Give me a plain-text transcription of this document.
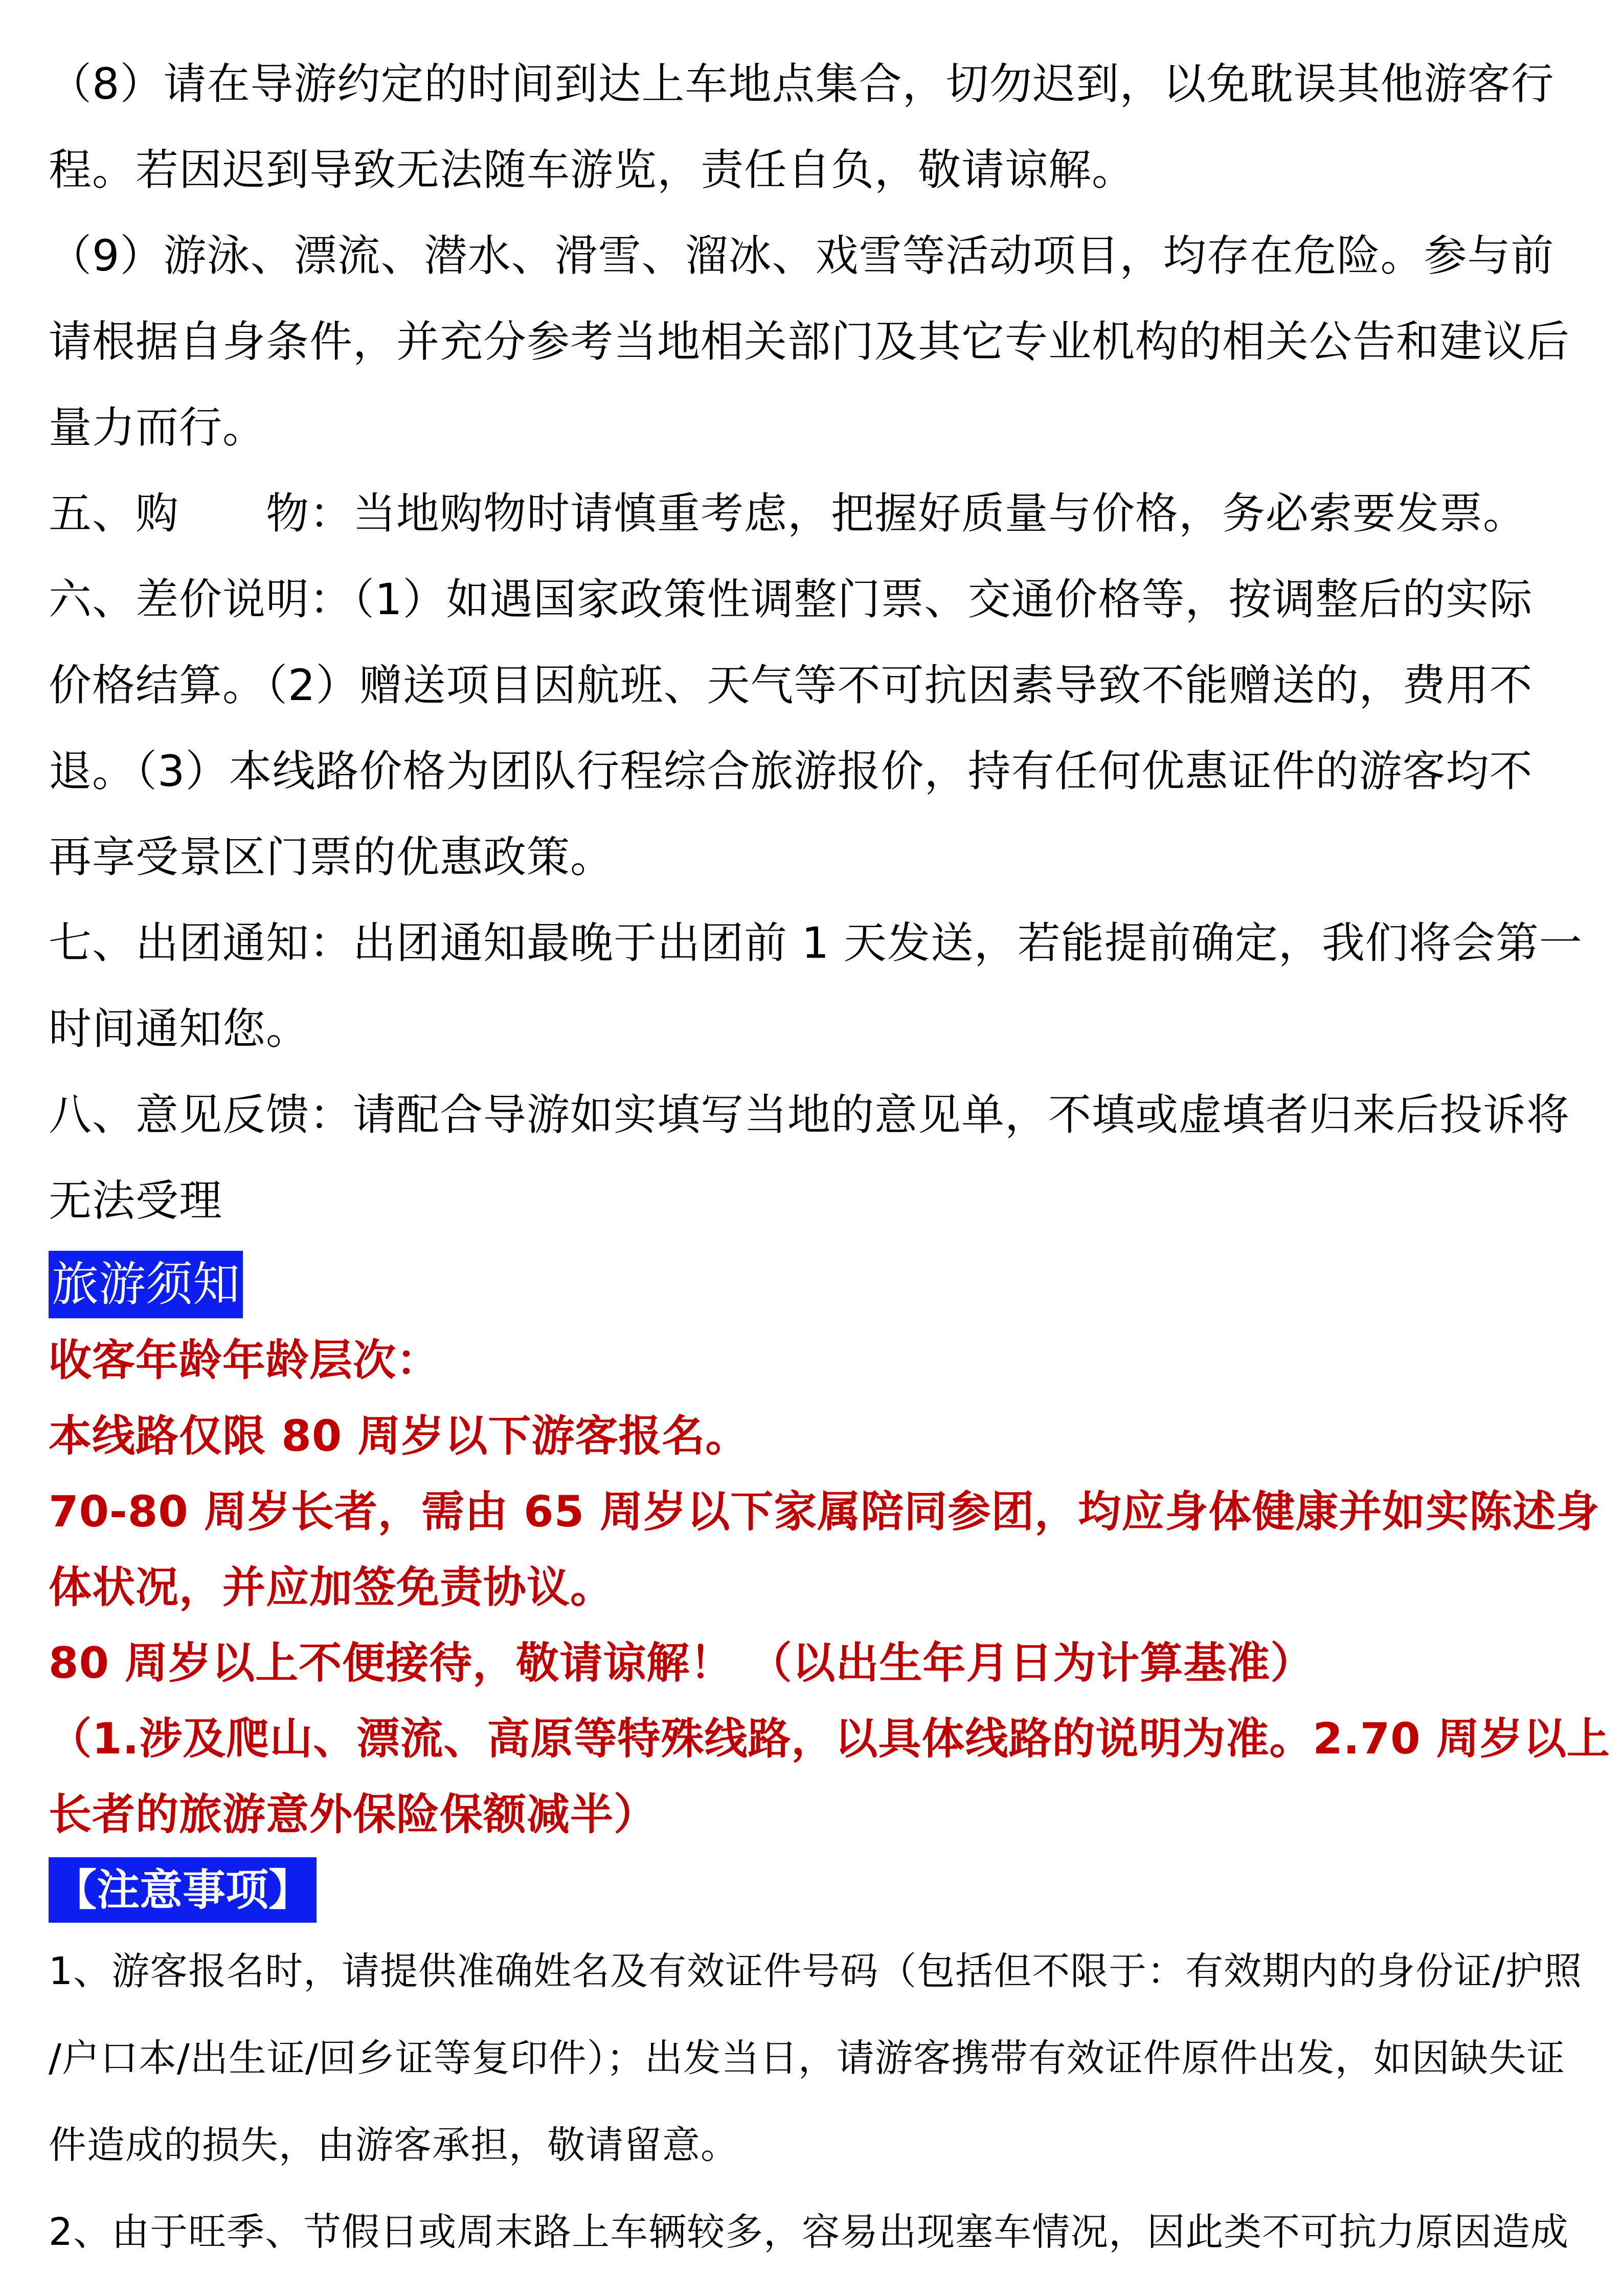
（8）请在导游约定的时间到达上车地点集合，切勿迟到，以免耽误其他游客行
程。若因迟到导致无法随车游览，责任自负，敬请谅解。
（9）游泳、漂流、潜水、滑雪、溜冰、戏雪等活动项目，均存在危险。参与前
请根据自身条件，并充分参考当地相关部门及其它专业机构的相关公告和建议后
量力而行。
五、购　　物：当地购物时请慎重考虑，把握好质量与价格，务必索要发票。
六、差价说明：（1）如遇国家政策性调整门票、交通价格等，按调整后的实际
价格结算。（2）赠送项目因航班、天气等不可抗因素导致不能赠送的，费用不
退。（3）本线路价格为团队行程综合旅游报价，持有任何优惠证件的游客均不
再享受景区门票的优惠政策。
七、出团通知：出团通知最晚于出团前 1 天发送，若能提前确定，我们将会第一
时间通知您。
八、意见反馈：请配合导游如实填写当地的意见单，不填或虚填者归来后投诉将
无法受理
旅游须知
收客年龄年龄层次：
本线路仅限 80 周岁以下游客报名。
70-80 周岁长者，需由 65 周岁以下家属陪同参团，均应身体健康并如实陈述身
体状况，并应加签免责协议。
80 周岁以上不便接待，敬请谅解！ （以出生年月日为计算基准）
（1.涉及爬山、漂流、高原等特殊线路，以具体线路的说明为准。2.70 周岁以上
长者的旅游意外保险保额减半）
【注意事项】
1、游客报名时，请提供准确姓名及有效证件号码（包括但不限于：有效期内的身份证/护照
/户口本/出生证/回乡证等复印件）；出发当日，请游客携带有效证件原件出发，如因缺失证
件造成的损失，由游客承担，敬请留意。
2、由于旺季、节假日或周末路上车辆较多，容易出现塞车情况，因此类不可抗力原因造成
